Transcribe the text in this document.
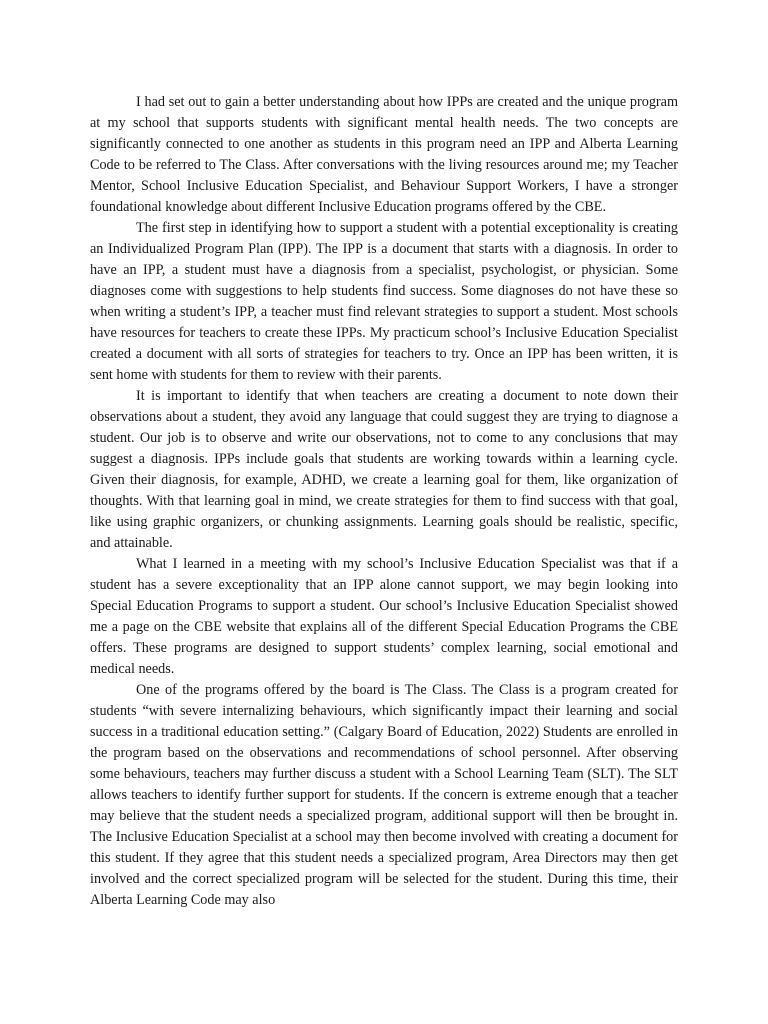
I had set out to gain a better understanding about how IPPs are created and the unique program at my school that supports students with significant mental health needs. The two concepts are significantly connected to one another as students in this program need an IPP and Alberta Learning Code to be referred to The Class. After conversations with the living resources around me; my Teacher Mentor, School Inclusive Education Specialist, and Behaviour Support Workers, I have a stronger foundational knowledge about different Inclusive Education programs offered by the CBE.

The first step in identifying how to support a student with a potential exceptionality is creating an Individualized Program Plan (IPP). The IPP is a document that starts with a diagnosis. In order to have an IPP, a student must have a diagnosis from a specialist, psychologist, or physician. Some diagnoses come with suggestions to help students find success. Some diagnoses do not have these so when writing a student’s IPP, a teacher must find relevant strategies to support a student. Most schools have resources for teachers to create these IPPs. My practicum school’s Inclusive Education Specialist created a document with all sorts of strategies for teachers to try. Once an IPP has been written, it is sent home with students for them to review with their parents.

It is important to identify that when teachers are creating a document to note down their observations about a student, they avoid any language that could suggest they are trying to diagnose a student. Our job is to observe and write our observations, not to come to any conclusions that may suggest a diagnosis. IPPs include goals that students are working towards within a learning cycle. Given their diagnosis, for example, ADHD, we create a learning goal for them, like organization of thoughts. With that learning goal in mind, we create strategies for them to find success with that goal, like using graphic organizers, or chunking assignments. Learning goals should be realistic, specific, and attainable.

What I learned in a meeting with my school’s Inclusive Education Specialist was that if a student has a severe exceptionality that an IPP alone cannot support, we may begin looking into Special Education Programs to support a student. Our school’s Inclusive Education Specialist showed me a page on the CBE website that explains all of the different Special Education Programs the CBE offers. These programs are designed to support students’ complex learning, social emotional and medical needs.

One of the programs offered by the board is The Class. The Class is a program created for students “with severe internalizing behaviours, which significantly impact their learning and social success in a traditional education setting.” (Calgary Board of Education, 2022) Students are enrolled in the program based on the observations and recommendations of school personnel. After observing some behaviours, teachers may further discuss a student with a School Learning Team (SLT). The SLT allows teachers to identify further support for students. If the concern is extreme enough that a teacher may believe that the student needs a specialized program, additional support will then be brought in. The Inclusive Education Specialist at a school may then become involved with creating a document for this student. If they agree that this student needs a specialized program, Area Directors may then get involved and the correct specialized program will be selected for the student. During this time, their Alberta Learning Code may also
